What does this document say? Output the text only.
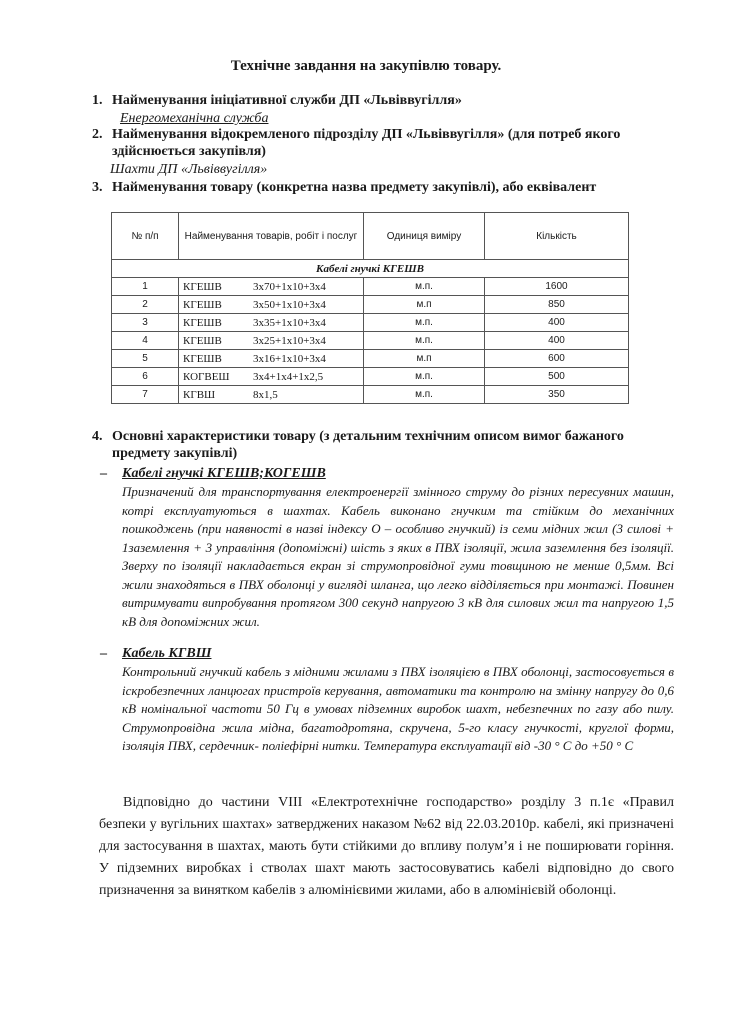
Технічне завдання на закупівлю товару.
1. Найменування ініціативної служби ДП «Львіввугілля»
Енергомеханічна служба
2. Найменування відокремленого підрозділу ДП «Львіввугілля» (для потреб якого здійснюється закупівля)
Шахти ДП «Львіввугілля»
3. Найменування товару (конкретна назва предмету закупівлі), або еквівалент
№ п/п	Найменування товарів, робіт і послуг	Одиниця виміру	Кількість
Кабелі гнучкі КГЕШВ			
1	КГЕШВ 3х70+1х10+3х4	м.п.	1600
2	КГЕШВ 3х50+1х10+3х4	м.п	850
3	КГЕШВ 3х35+1х10+3х4	м.п.	400
4	КГЕШВ 3х25+1х10+3х4	м.п.	400
5	КГЕШВ 3х16+1х10+3х4	м.п	600
6	КОГВЕШ 3х4+1х4+1х2,5	м.п.	500
7	КГВШ 8х1,5	м.п.	350
4. Основні характеристики товару (з детальним технічним описом вимог бажаного предмету закупівлі)
– Кабелі гнучкі КГЕШВ;КОГЕШВ
Призначений для транспортування електроенергії змінного струму до різних пересувних машин, котрі експлуатуються в шахтах. Кабель виконано гнучким та стійким до механічних пошкоджень (при наявності в назві індексу О – особливо гнучкий) із семи мідних жил (3 силові + 1заземлення + 3 управління (допоміжні) шість з яких в ПВХ ізоляції, жила заземлення без ізоляції. Зверху по ізоляції накладається екран зі струмопровідної гуми товщиною не менше 0,5мм. Всі жили знаходяться в ПВХ оболонці у вигляді шланга, що легко відділяється при монтажі. Повинен витримувати випробування протягом 300 секунд напругою 3 кВ для силових жил та напругою 1,5 кВ для допоміжних жил.
– Кабель КГВШ
Контрольний гнучкий кабель з мідними жилами з ПВХ ізоляцією в ПВХ оболонці, застосовується в іскробезпечних ланцюгах пристроїв керування, автоматики та контролю на змінну напругу до 0,6 кВ номінальної частоти 50 Гц в умовах підземних виробок шахт, небезпечних по газу або пилу. Струмопровідна жила мідна, багатодротяна, скручена, 5-го класу гнучкості, круглої форми, ізоляція ПВХ, сердечник- поліефірні нитки. Температура експлуатації від -30 ° С до +50 ° С
Відповідно до частини VIII «Електротехнічне господарство» розділу 3 п.1є «Правил безпеки у вугільних шахтах» затверджених наказом №62 від 22.03.2010р. кабелі, які призначені для застосування в шахтах, мають бути стійкими до впливу полум’я і не поширювати горіння. У підземних виробках і стволах шахт мають застосовуватись кабелі відповідно до свого призначення за винятком кабелів з алюмінієвими жилами, або в алюмінієвій оболонці.
